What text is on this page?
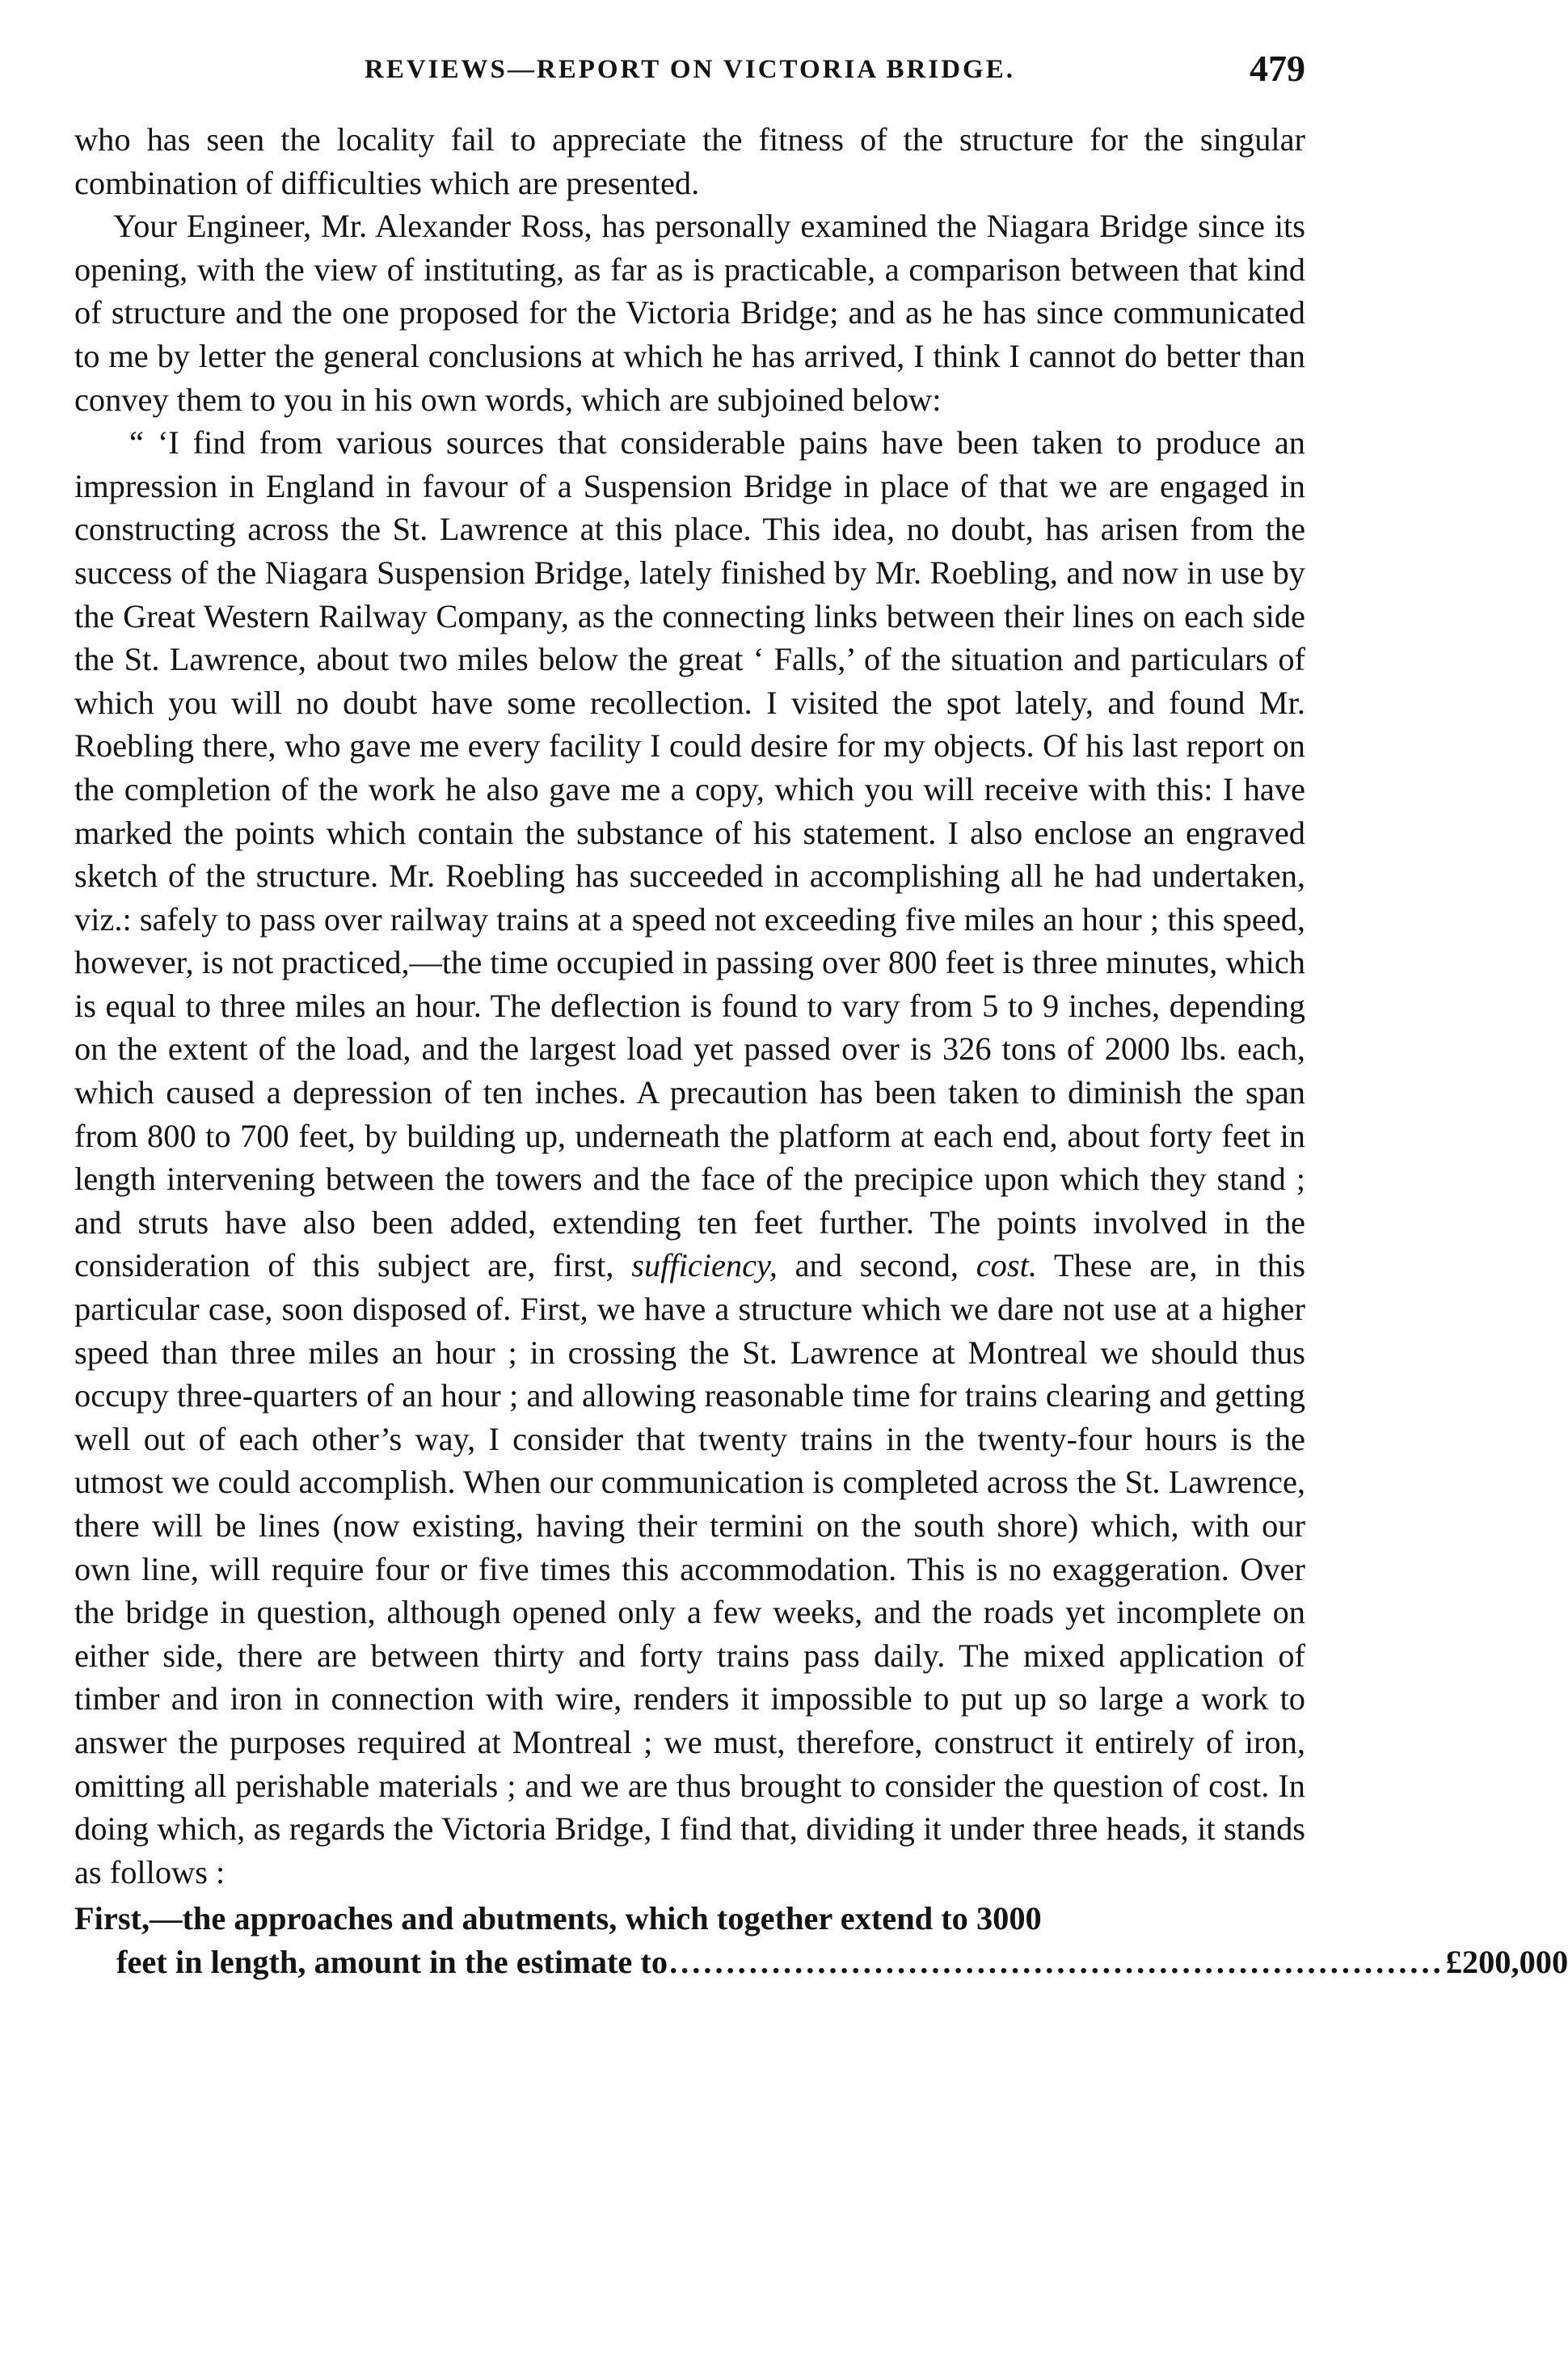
REVIEWS—REPORT ON VICTORIA BRIDGE.	479

who has seen the locality fail to appreciate the fitness of the structure for the singular combination of difficulties which are presented.

Your Engineer, Mr. Alexander Ross, has personally examined the Niagara Bridge since its opening, with the view of instituting, as far as is practicable, a comparison between that kind of structure and the one proposed for the Victoria Bridge; and as he has since communicated to me by letter the general conclusions at which he has arrived, I think I cannot do better than convey them to you in his own words, which are subjoined below:

“ ‘I find from various sources that considerable pains have been taken to produce an impression in England in favour of a Suspension Bridge in place of that we are engaged in constructing across the St. Lawrence at this place. This idea, no doubt, has arisen from the success of the Niagara Suspension Bridge, lately finished by Mr. Roebling, and now in use by the Great Western Railway Company, as the connecting links between their lines on each side the St. Lawrence, about two miles below the great ‘ Falls,’ of the situation and particulars of which you will no doubt have some recollection. I visited the spot lately, and found Mr. Roebling there, who gave me every facility I could desire for my objects. Of his last report on the completion of the work he also gave me a copy, which you will receive with this: I have marked the points which contain the substance of his statement. I also enclose an engraved sketch of the structure. Mr. Roebling has succeeded in accomplishing all he had undertaken, viz.: safely to pass over railway trains at a speed not exceeding five miles an hour ; this speed, however, is not practiced,—the time occupied in passing over 800 feet is three minutes, which is equal to three miles an hour. The deflection is found to vary from 5 to 9 inches, depending on the extent of the load, and the largest load yet passed over is 326 tons of 2000 lbs. each, which caused a depression of ten inches. A precaution has been taken to diminish the span from 800 to 700 feet, by building up, underneath the platform at each end, about forty feet in length intervening between the towers and the face of the precipice upon which they stand ; and struts have also been added, extending ten feet further. The points involved in the consideration of this subject are, first, sufficiency, and second, cost. These are, in this particular case, soon disposed of. First, we have a structure which we dare not use at a higher speed than three miles an hour ; in crossing the St. Lawrence at Montreal we should thus occupy three-quarters of an hour ; and allowing reasonable time for trains clearing and getting well out of each other’s way, I consider that twenty trains in the twenty-four hours is the utmost we could accomplish. When our communication is completed across the St. Lawrence, there will be lines (now existing, having their termini on the south shore) which, with our own line, will require four or five times this accommodation. This is no exaggeration. Over the bridge in question, although opened only a few weeks, and the roads yet incomplete on either side, there are between thirty and forty trains pass daily. The mixed application of timber and iron in connection with wire, renders it impossible to put up so large a work to answer the purposes required at Montreal ; we must, therefore, construct it entirely of iron, omitting all perishable materials ; and we are thus brought to consider the question of cost. In doing which, as regards the Victoria Bridge, I find that, dividing it under three heads, it stands as follows :

First,—the approaches and abutments, which together extend to 3000
feet in length, amount in the estimate to .................................................................... £200,000
